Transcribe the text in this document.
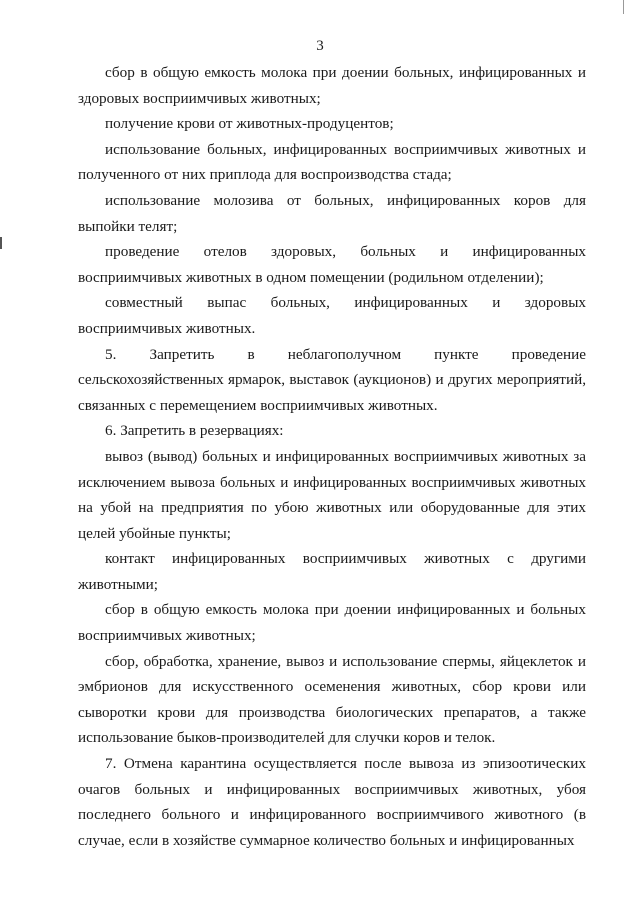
3

сбор в общую емкость молока при доении больных, инфицированных и здоровых восприимчивых животных;

получение крови от животных-продуцентов;

использование больных, инфицированных восприимчивых животных и полученного от них приплода для воспроизводства стада;

использование молозива от больных, инфицированных коров для выпойки телят;

проведение отелов здоровых, больных и инфицированных восприимчивых животных в одном помещении (родильном отделении);

совместный выпас больных, инфицированных и здоровых восприимчивых животных.

5. Запретить в неблагополучном пункте проведение сельскохозяйственных ярмарок, выставок (аукционов) и других мероприятий, связанных с перемещением восприимчивых животных.

6. Запретить в резервациях:

вывоз (вывод) больных и инфицированных восприимчивых животных за исключением вывоза больных и инфицированных восприимчивых животных на убой на предприятия по убою животных или оборудованные для этих целей убойные пункты;

контакт инфицированных восприимчивых животных с другими животными;

сбор в общую емкость молока при доении инфицированных и больных восприимчивых животных;

сбор, обработка, хранение, вывоз и использование спермы, яйцеклеток и эмбрионов для искусственного осеменения животных, сбор крови или сыворотки крови для производства биологических препаратов, а также использование быков-производителей для случки коров и телок.

7. Отмена карантина осуществляется после вывоза из эпизоотических очагов больных и инфицированных восприимчивых животных, убоя последнего больного и инфицированного восприимчивого животного (в случае, если в хозяйстве суммарное количество больных и инфицированных
